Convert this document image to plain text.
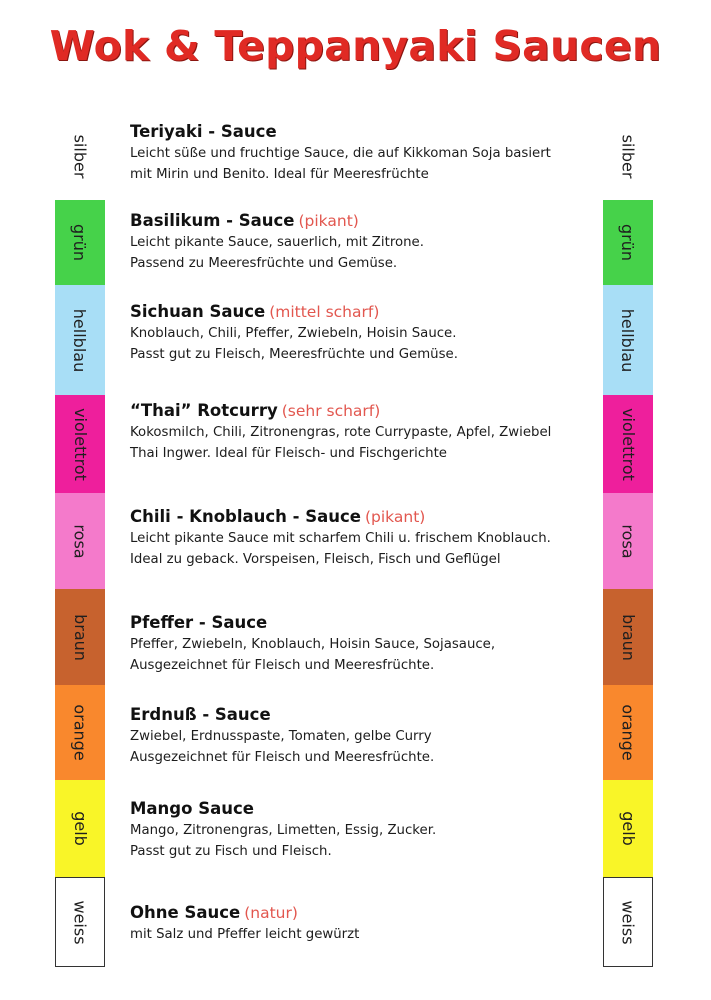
Wok & Teppanyaki Saucen
silber
grün
hellblau
violettrot
rosa
braun
orange
gelb
weiss
silber
grün
hellblau
violettrot
rosa
braun
orange
gelb
weiss
Teriyaki - Sauce
Leicht süße und fruchtige Sauce, die auf Kikkoman Soja basiert
mit Mirin und Benito. Ideal für Meeresfrüchte
Basilikum - Sauce (pikant)
Leicht pikante Sauce, sauerlich, mit Zitrone.
Passend zu Meeresfrüchte und Gemüse.
Sichuan Sauce (mittel scharf)
Knoblauch, Chili, Pfeffer, Zwiebeln, Hoisin Sauce.
Passt gut zu Fleisch, Meeresfrüchte und Gemüse.
“Thai” Rotcurry (sehr scharf)
Kokosmilch, Chili, Zitronengras, rote Currypaste, Apfel, Zwiebel
Thai Ingwer. Ideal für Fleisch- und Fischgerichte
Chili - Knoblauch - Sauce (pikant)
Leicht pikante Sauce mit scharfem Chili u. frischem Knoblauch.
Ideal zu geback. Vorspeisen, Fleisch, Fisch und Geflügel
Pfeffer - Sauce
Pfeffer, Zwiebeln, Knoblauch, Hoisin Sauce, Sojasauce,
Ausgezeichnet für Fleisch und Meeresfrüchte.
Erdnuß - Sauce
Zwiebel, Erdnusspaste, Tomaten, gelbe Curry
Ausgezeichnet für Fleisch und Meeresfrüchte.
Mango Sauce
Mango, Zitronengras, Limetten, Essig, Zucker.
Passt gut zu Fisch und Fleisch.
Ohne Sauce (natur)
mit Salz und Pfeffer leicht gewürzt
